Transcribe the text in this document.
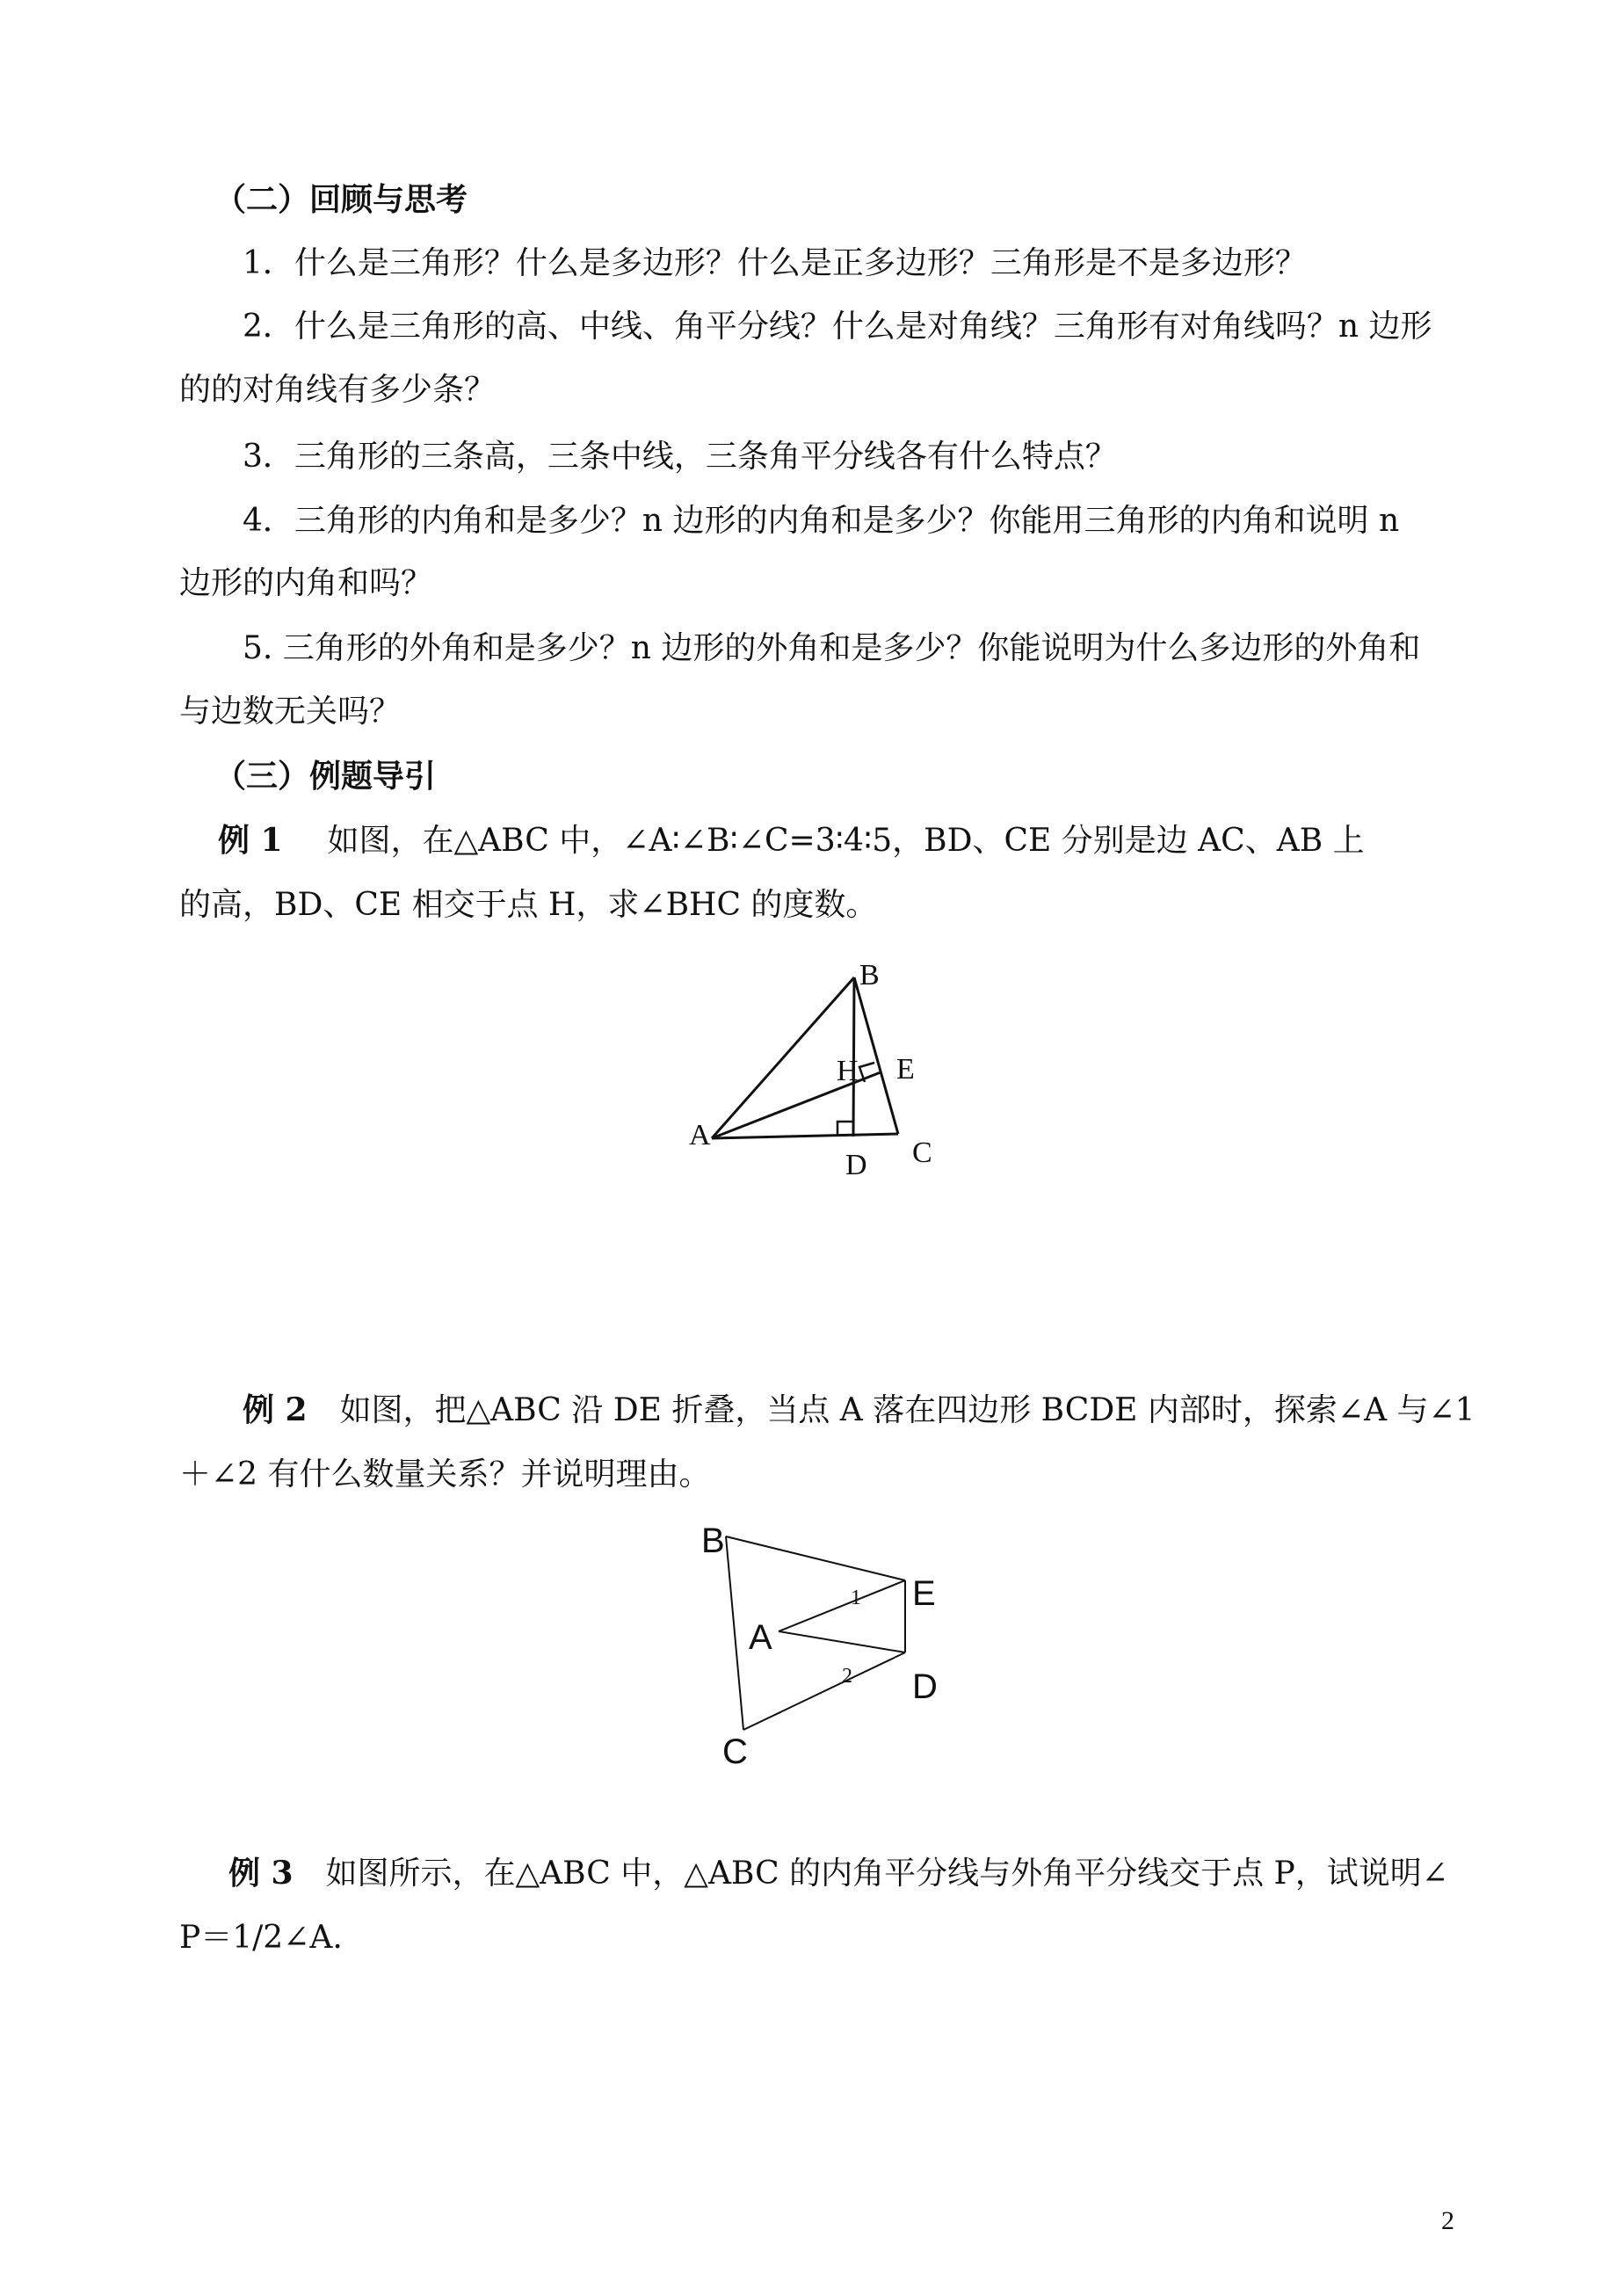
（二）回顾与思考
1．什么是三角形？什么是多边形？什么是正多边形？三角形是不是多边形？
2．什么是三角形的高、中线、角平分线？什么是对角线？三角形有对角线吗？n 边形
的的对角线有多少条？
3．三角形的三条高，三条中线，三条角平分线各有什么特点？
4．三角形的内角和是多少？n 边形的内角和是多少？你能用三角形的内角和说明 n
边形的内角和吗？
5. 三角形的外角和是多少？n 边形的外角和是多少？你能说明为什么多边形的外角和
与边数无关吗？
（三）例题导引
例 1 如图，在△ABC 中，∠A∶∠B∶∠C=3∶4∶5，BD、CE 分别是边 AC、AB 上
的高，BD、CE 相交于点 H，求∠BHC 的度数。
B
H E
A
D C
例 2 如图，把△ABC 沿 DE 折叠，当点 A 落在四边形 BCDE 内部时，探索∠A 与∠1
＋∠2 有什么数量关系？并说明理由。
B
E
A
D
C
1
2
例 3 如图所示，在△ABC 中，△ABC 的内角平分线与外角平分线交于点 P，试说明∠
P＝1/2∠A.
2
